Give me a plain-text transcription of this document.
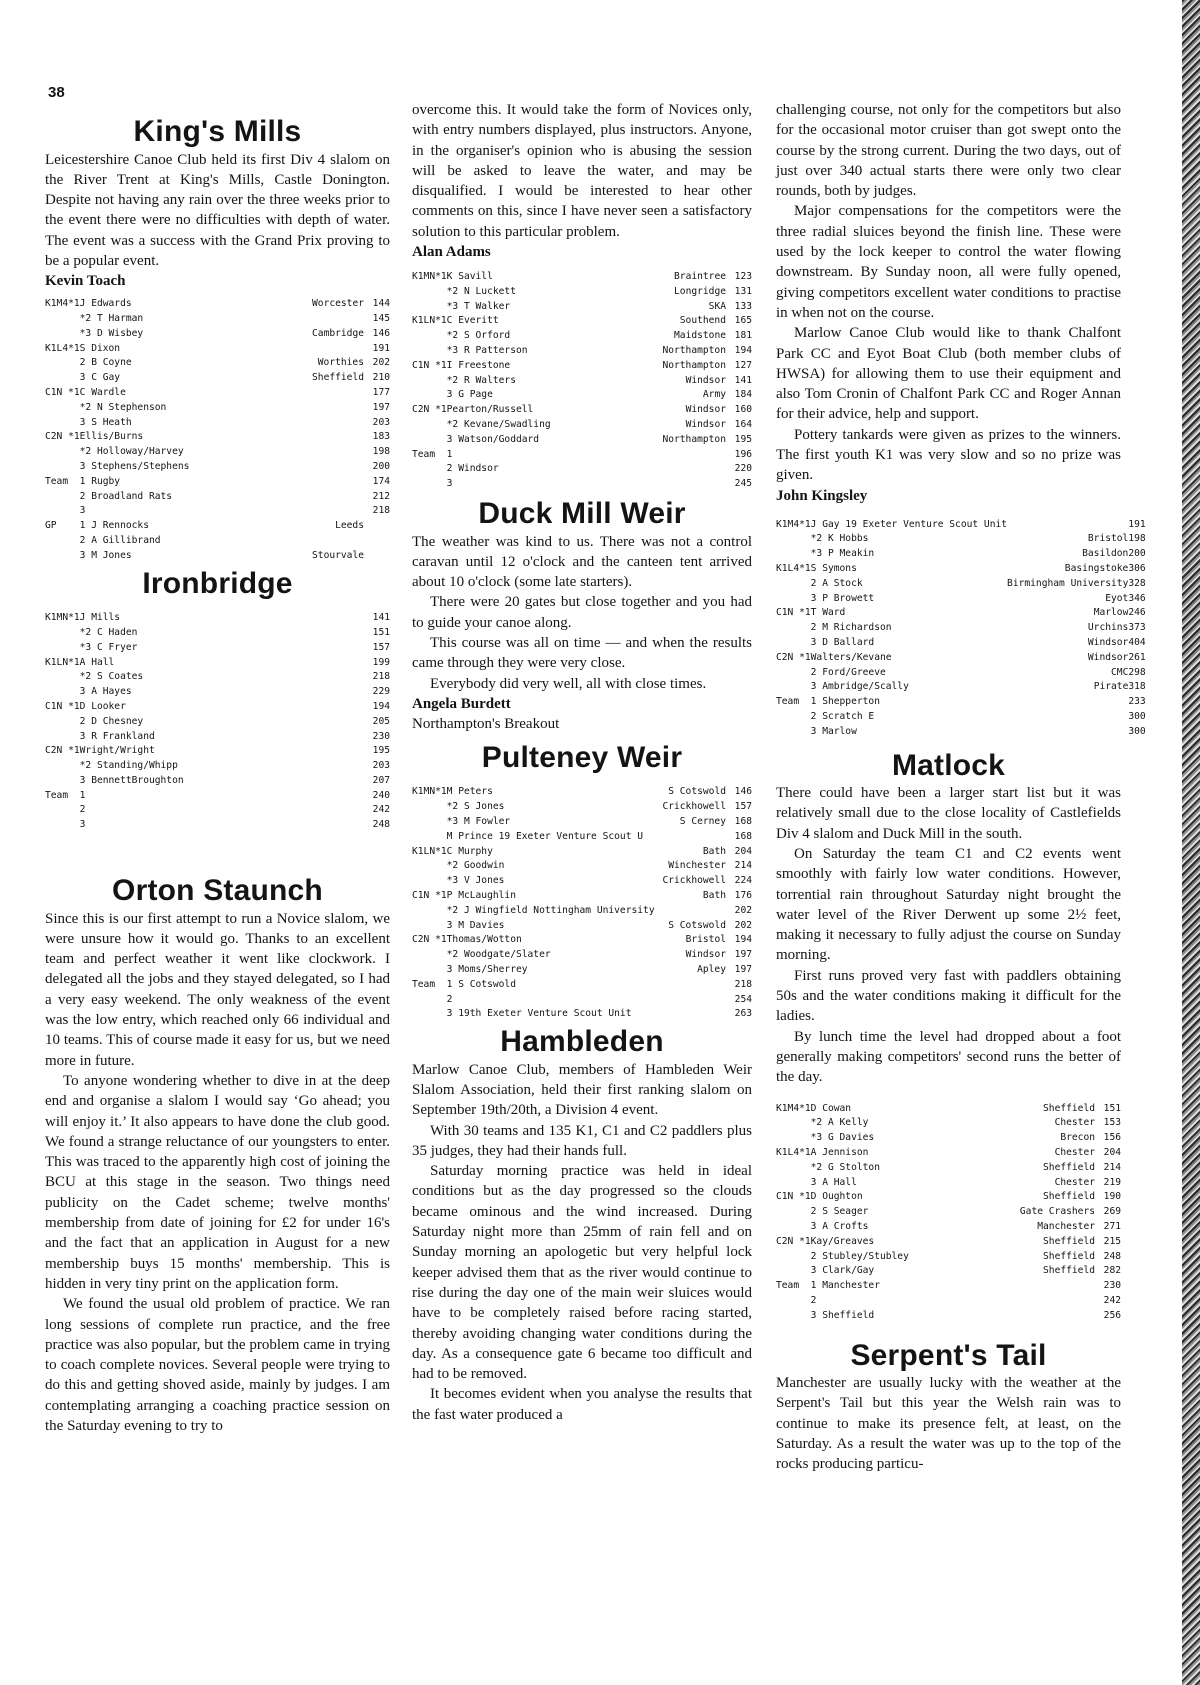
38
King's Mills

Leicestershire Canoe Club held its first Div 4 slalom on the River Trent at King's Mills, Castle Donington. Despite not having any rain over the three weeks prior to the event there were no difficulties with depth of water. The event was a success with the Grand Prix proving to be a popular event.

Kevin Toach

K1M4*1	J Edwards	Worcester	144
	*2 T Harman		145
	*3 D Wisbey	Cambridge	146
K1L4*1	S Dixon		191
	2 B Coyne	Worthies	202
	3 C Gay	Sheffield	210
C1N *1	C Wardle		177
	*2 N Stephenson		197
	3 S Heath		203
C2N *1	Ellis/Burns		183
	*2 Holloway/Harvey		198
	3 Stephens/Stephens		200
Team	1 Rugby		174
	2 Broadland Rats		212
	3		218
GP	1 J Rennocks	Leeds	
	2 A Gillibrand		
	3 M Jones	Stourvale	
Ironbridge
K1MN*1	J Mills		141
	*2 C Haden		151
	*3 C Fryer		157
K1LN*1	A Hall		199
	*2 S Coates		218
	3 A Hayes		229
C1N *1	D Looker		194
	2 D Chesney		205
	3 R Frankland		230
C2N *1	Wright/Wright		195
	*2 Standing/Whipp		203
	3 BennettBroughton		207
Team	1		240
	2		242
	3		248
Orton Staunch

Since this is our first attempt to run a Novice slalom, we were unsure how it would go. Thanks to an excellent team and perfect weather it went like clockwork. I delegated all the jobs and they stayed delegated, so I had a very easy weekend. The only weakness of the event was the low entry, which reached only 66 individual and 10 teams. This of course made it easy for us, but we need more in future.

To anyone wondering whether to dive in at the deep end and organise a slalom I would say ‘Go ahead; you will enjoy it.’ It also appears to have done the club good. We found a strange reluctance of our youngsters to enter. This was traced to the apparently high cost of joining the BCU at this stage in the season. Two things need publicity on the Cadet scheme; twelve months' membership from date of joining for £2 for under 16's and the fact that an application in August for a new membership buys 15 months' membership. This is hidden in very tiny print on the application form.

We found the usual old problem of practice. We ran long sessions of complete run practice, and the free practice was also popular, but the problem came in trying to coach complete novices. Several people were trying to do this and getting shoved aside, mainly by judges. I am contemplating arranging a coaching practice session on the Saturday evening to try to

overcome this. It would take the form of Novices only, with entry numbers displayed, plus instructors. Anyone, in the organiser's opinion who is abusing the session will be asked to leave the water, and may be disqualified. I would be interested to hear other comments on this, since I have never seen a satisfactory solution to this particular problem.

Alan Adams

K1MN*1	K Savill	Braintree	123
	*2 N Luckett	Longridge	131
	*3 T Walker	SKA	133
K1LN*1	C Everitt	Southend	165
	*2 S Orford	Maidstone	181
	*3 R Patterson	Northampton	194
C1N *1	I Freestone	Northampton	127
	*2 R Walters	Windsor	141
	3 G Page	Army	184
C2N *1	Pearton/Russell	Windsor	160
	*2 Kevane/Swadling	Windsor	164
	3 Watson/Goddard	Northampton	195
Team	1		196
	2 Windsor		220
	3		245
Duck Mill Weir

The weather was kind to us. There was not a control caravan until 12 o'clock and the canteen tent arrived about 10 o'clock (some late starters).

There were 20 gates but close together and you had to guide your canoe along.

This course was all on time — and when the results came through they were very close.

Everybody did very well, all with close times.

Angela Burdett

Northampton's Breakout

Pulteney Weir
K1MN*1	M Peters	S Cotswold	146
	*2 S Jones	Crickhowell	157
	*3 M Fowler	S Cerney	168
	M Prince 19 Exeter Venture Scout U		168
K1LN*1	C Murphy	Bath	204
	*2 Goodwin	Winchester	214
	*3 V Jones	Crickhowell	224
C1N *1	P McLaughlin	Bath	176
	*2 J Wingfield Nottingham University		202
	3 M Davies	S Cotswold	202
C2N *1	Thomas/Wotton	Bristol	194
	*2 Woodgate/Slater	Windsor	197
	3 Moms/Sherrey	Apley	197
Team	1 S Cotswold		218
	2		254
	3 19th Exeter Venture Scout Unit		263
Hambleden

Marlow Canoe Club, members of Hambleden Weir Slalom Association, held their first ranking slalom on September 19th/20th, a Division 4 event.

With 30 teams and 135 K1, C1 and C2 paddlers plus 35 judges, they had their hands full.

Saturday morning practice was held in ideal conditions but as the day progressed so the clouds became ominous and the wind increased. During Saturday night more than 25mm of rain fell and on Sunday morning an apologetic but very helpful lock keeper advised them that as the river would continue to rise during the day one of the main weir sluices would have to be completely raised before racing started, thereby avoiding changing water conditions during the day. As a consequence gate 6 became too difficult and had to be removed.

It becomes evident when you analyse the results that the fast water produced a

challenging course, not only for the competitors but also for the occasional motor cruiser than got swept onto the course by the strong current. During the two days, out of just over 340 actual starts there were only two clear rounds, both by judges.

Major compensations for the competitors were the three radial sluices beyond the finish line. These were used by the lock keeper to control the water flowing downstream. By Sunday noon, all were fully opened, giving competitors excellent water conditions to practise in when not on the course.

Marlow Canoe Club would like to thank Chalfont Park CC and Eyot Boat Club (both member clubs of HWSA) for allowing them to use their equipment and also Tom Cronin of Chalfont Park CC and Roger Annan for their advice, help and support.

Pottery tankards were given as prizes to the winners. The first youth K1 was very slow and so no prize was given.

John Kingsley

K1M4*1	J Gay 19 Exeter Venture Scout Unit		191
	*2 K Hobbs	Bristol	198
	*3 P Meakin	Basildon	200
K1L4*1	S Symons	Basingstoke	306
	2 A Stock	Birmingham University	328
	3 P Browett	Eyot	346
C1N *1	T Ward	Marlow	246
	2 M Richardson	Urchins	373
	3 D Ballard	Windsor	404
C2N *1	Walters/Kevane	Windsor	261
	2 Ford/Greeve	CMC	298
	3 Ambridge/Scally	Pirate	318
Team	1 Shepperton		233
	2 Scratch E		300
	3 Marlow		300
Matlock

There could have been a larger start list but it was relatively small due to the close locality of Castlefields Div 4 slalom and Duck Mill in the south.

On Saturday the team C1 and C2 events went smoothly with fairly low water conditions. However, torrential rain throughout Saturday night brought the water level of the River Derwent up some 2½ feet, making it necessary to fully adjust the course on Sunday morning.

First runs proved very fast with paddlers obtaining 50s and the water conditions making it difficult for the ladies.

By lunch time the level had dropped about a foot generally making competitors' second runs the better of the day.

K1M4*1	D Cowan	Sheffield	151
	*2 A Kelly	Chester	153
	*3 G Davies	Brecon	156
K1L4*1	A Jennison	Chester	204
	*2 G Stolton	Sheffield	214
	3 A Hall	Chester	219
C1N *1	D Oughton	Sheffield	190
	2 S Seager	Gate Crashers	269
	3 A Crofts	Manchester	271
C2N *1	Kay/Greaves	Sheffield	215
	2 Stubley/Stubley	Sheffield	248
	3 Clark/Gay	Sheffield	282
Team	1 Manchester		230
	2		242
	3 Sheffield		256
Serpent's Tail

Manchester are usually lucky with the weather at the Serpent's Tail but this year the Welsh rain was to continue to make its presence felt, at least, on the Saturday. As a result the water was up to the top of the rocks producing particu-
